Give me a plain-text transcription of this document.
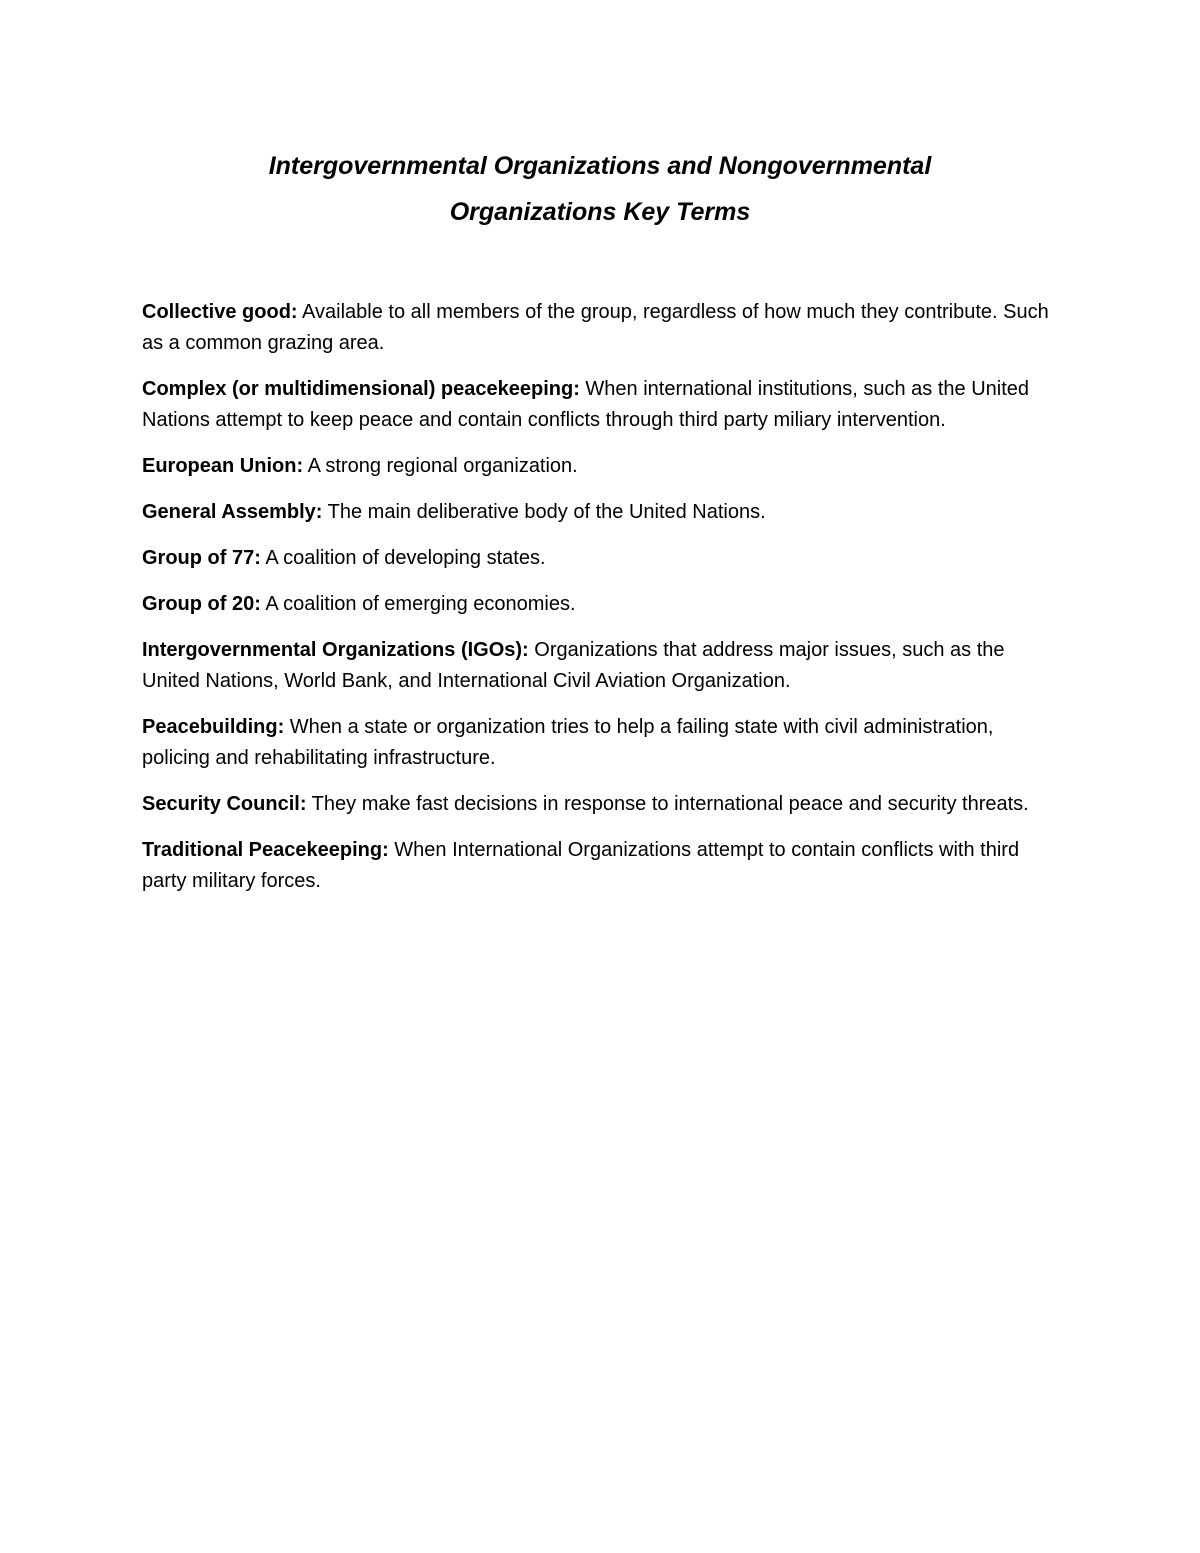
Intergovernmental Organizations and Nongovernmental
Organizations Key Terms

Collective good: Available to all members of the group, regardless of how much they contribute. Such as a common grazing area.

Complex (or multidimensional) peacekeeping: When international institutions, such as the United Nations attempt to keep peace and contain conflicts through third party miliary intervention.

European Union: A strong regional organization.

General Assembly: The main deliberative body of the United Nations.

Group of 77: A coalition of developing states.

Group of 20: A coalition of emerging economies.

Intergovernmental Organizations (IGOs): Organizations that address major issues, such as the United Nations, World Bank, and International Civil Aviation Organization.

Peacebuilding: When a state or organization tries to help a failing state with civil administration, policing and rehabilitating infrastructure.

Security Council: They make fast decisions in response to international peace and security threats.

Traditional Peacekeeping: When International Organizations attempt to contain conflicts with third party military forces.
